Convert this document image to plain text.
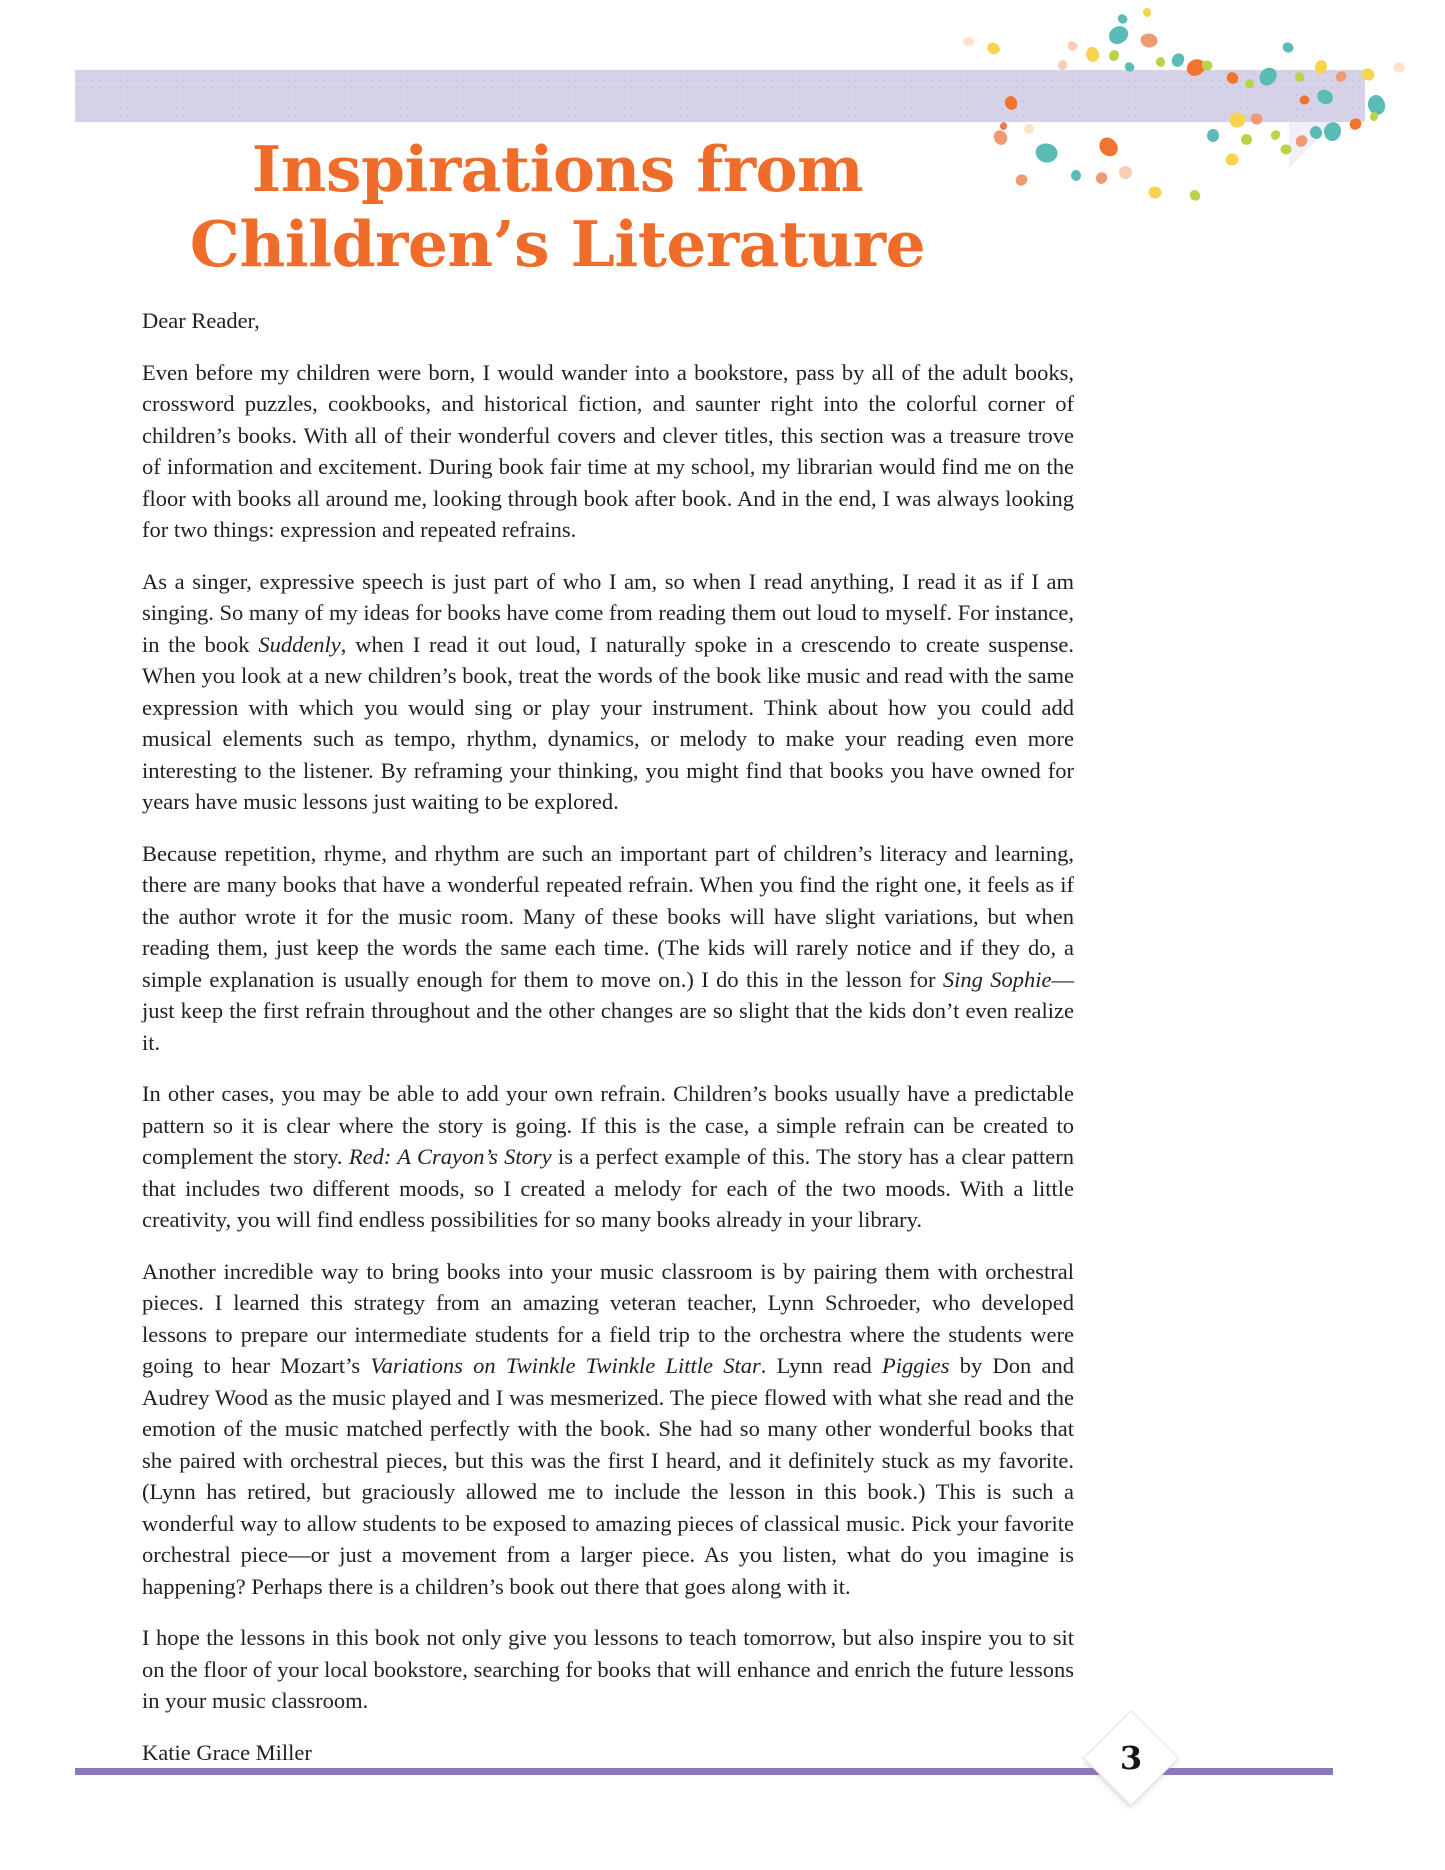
Inspirations from
Children’s Literature

Dear Reader,

Even before my children were born, I would wander into a bookstore, pass by all of the adult books, crossword puzzles, cookbooks, and historical fiction, and saunter right into the colorful corner of children’s books. With all of their wonderful covers and clever titles, this section was a treasure trove of information and excitement. During book fair time at my school, my librarian would find me on the floor with books all around me, looking through book after book. And in the end, I was always looking for two things: expression and repeated refrains.

As a singer, expressive speech is just part of who I am, so when I read anything, I read it as if I am singing. So many of my ideas for books have come from reading them out loud to myself. For instance, in the book Suddenly, when I read it out loud, I naturally spoke in a crescendo to create suspense. When you look at a new children’s book, treat the words of the book like music and read with the same expression with which you would sing or play your instrument. Think about how you could add musical elements such as tempo, rhythm, dynamics, or melody to make your reading even more interesting to the listener. By reframing your thinking, you might find that books you have owned for years have music lessons just waiting to be explored.

Because repetition, rhyme, and rhythm are such an important part of children’s literacy and learning, there are many books that have a wonderful repeated refrain. When you find the right one, it feels as if the author wrote it for the music room. Many of these books will have slight variations, but when reading them, just keep the words the same each time. (The kids will rarely notice and if they do, a simple explanation is usually enough for them to move on.) I do this in the lesson for Sing Sophie—just keep the first refrain throughout and the other changes are so slight that the kids don’t even realize it.

In other cases, you may be able to add your own refrain. Children’s books usually have a predictable pattern so it is clear where the story is going. If this is the case, a simple refrain can be created to complement the story. Red: A Crayon’s Story is a perfect example of this. The story has a clear pattern that includes two different moods, so I created a melody for each of the two moods. With a little creativity, you will find endless possibilities for so many books already in your library.

Another incredible way to bring books into your music classroom is by pairing them with orchestral pieces. I learned this strategy from an amazing veteran teacher, Lynn Schroeder, who developed lessons to prepare our intermediate students for a field trip to the orchestra where the students were going to hear Mozart’s Variations on Twinkle Twinkle Little Star. Lynn read Piggies by Don and Audrey Wood as the music played and I was mesmerized. The piece flowed with what she read and the emotion of the music matched perfectly with the book. She had so many other wonderful books that she paired with orchestral pieces, but this was the first I heard, and it definitely stuck as my favorite. (Lynn has retired, but graciously allowed me to include the lesson in this book.) This is such a wonderful way to allow students to be exposed to amazing pieces of classical music. Pick your favorite orchestral piece—or just a movement from a larger piece. As you listen, what do you imagine is happening? Perhaps there is a children’s book out there that goes along with it.

I hope the lessons in this book not only give you lessons to teach tomorrow, but also inspire you to sit on the floor of your local bookstore, searching for books that will enhance and enrich the future lessons in your music classroom.

Katie Grace Miller	3
